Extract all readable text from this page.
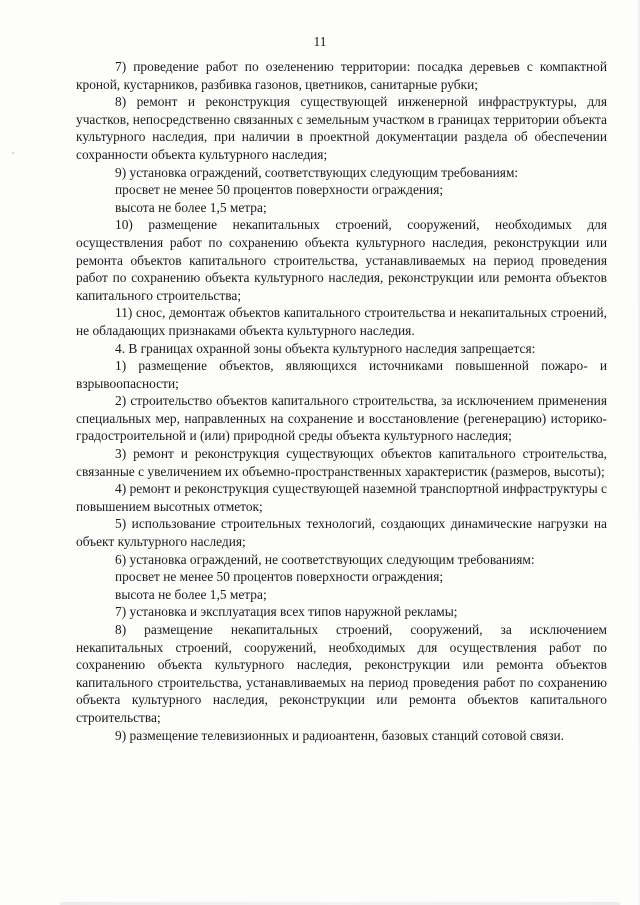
11

7) проведение работ по озеленению территории: посадка деревьев с компактной кроной, кустарников, разбивка газонов, цветников, санитарные рубки;

8) ремонт и реконструкция существующей инженерной инфраструктуры, для участков, непосредственно связанных с земельным участком в границах территории объекта культурного наследия, при наличии в проектной документации раздела об обеспечении сохранности объекта культурного наследия;

9) установка ограждений, соответствующих следующим требованиям:

просвет не менее 50 процентов поверхности ограждения;

высота не более 1,5 метра;

10) размещение некапитальных строений, сооружений, необходимых для осуществления работ по сохранению объекта культурного наследия, реконструкции или ремонта объектов капитального строительства, устанавливаемых на период проведения работ по сохранению объекта культурного наследия, реконструкции или ремонта объектов капитального строительства;

11) снос, демонтаж объектов капитального строительства и некапитальных строений, не обладающих признаками объекта культурного наследия.

4. В границах охранной зоны объекта культурного наследия запрещается:

1) размещение объектов, являющихся источниками повышенной пожаро- и взрывоопасности;

2) строительство объектов капитального строительства, за исключением применения специальных мер, направленных на сохранение и восстановление (регенерацию) историко-градостроительной и (или) природной среды объекта культурного наследия;

3) ремонт и реконструкция существующих объектов капитального строительства, связанные с увеличением их объемно-пространственных характеристик (размеров, высоты);

4) ремонт и реконструкция существующей наземной транспортной инфраструктуры с повышением высотных отметок;

5) использование строительных технологий, создающих динамические нагрузки на объект культурного наследия;

6) установка ограждений, не соответствующих следующим требованиям:

просвет не менее 50 процентов поверхности ограждения;

высота не более 1,5 метра;

7) установка и эксплуатация всех типов наружной рекламы;

8) размещение некапитальных строений, сооружений, за исключением некапитальных строений, сооружений, необходимых для осуществления работ по сохранению объекта культурного наследия, реконструкции или ремонта объектов капитального строительства, устанавливаемых на период проведения работ по сохранению объекта культурного наследия, реконструкции или ремонта объектов капитального строительства;

9) размещение телевизионных и радиоантенн, базовых станций сотовой связи.
